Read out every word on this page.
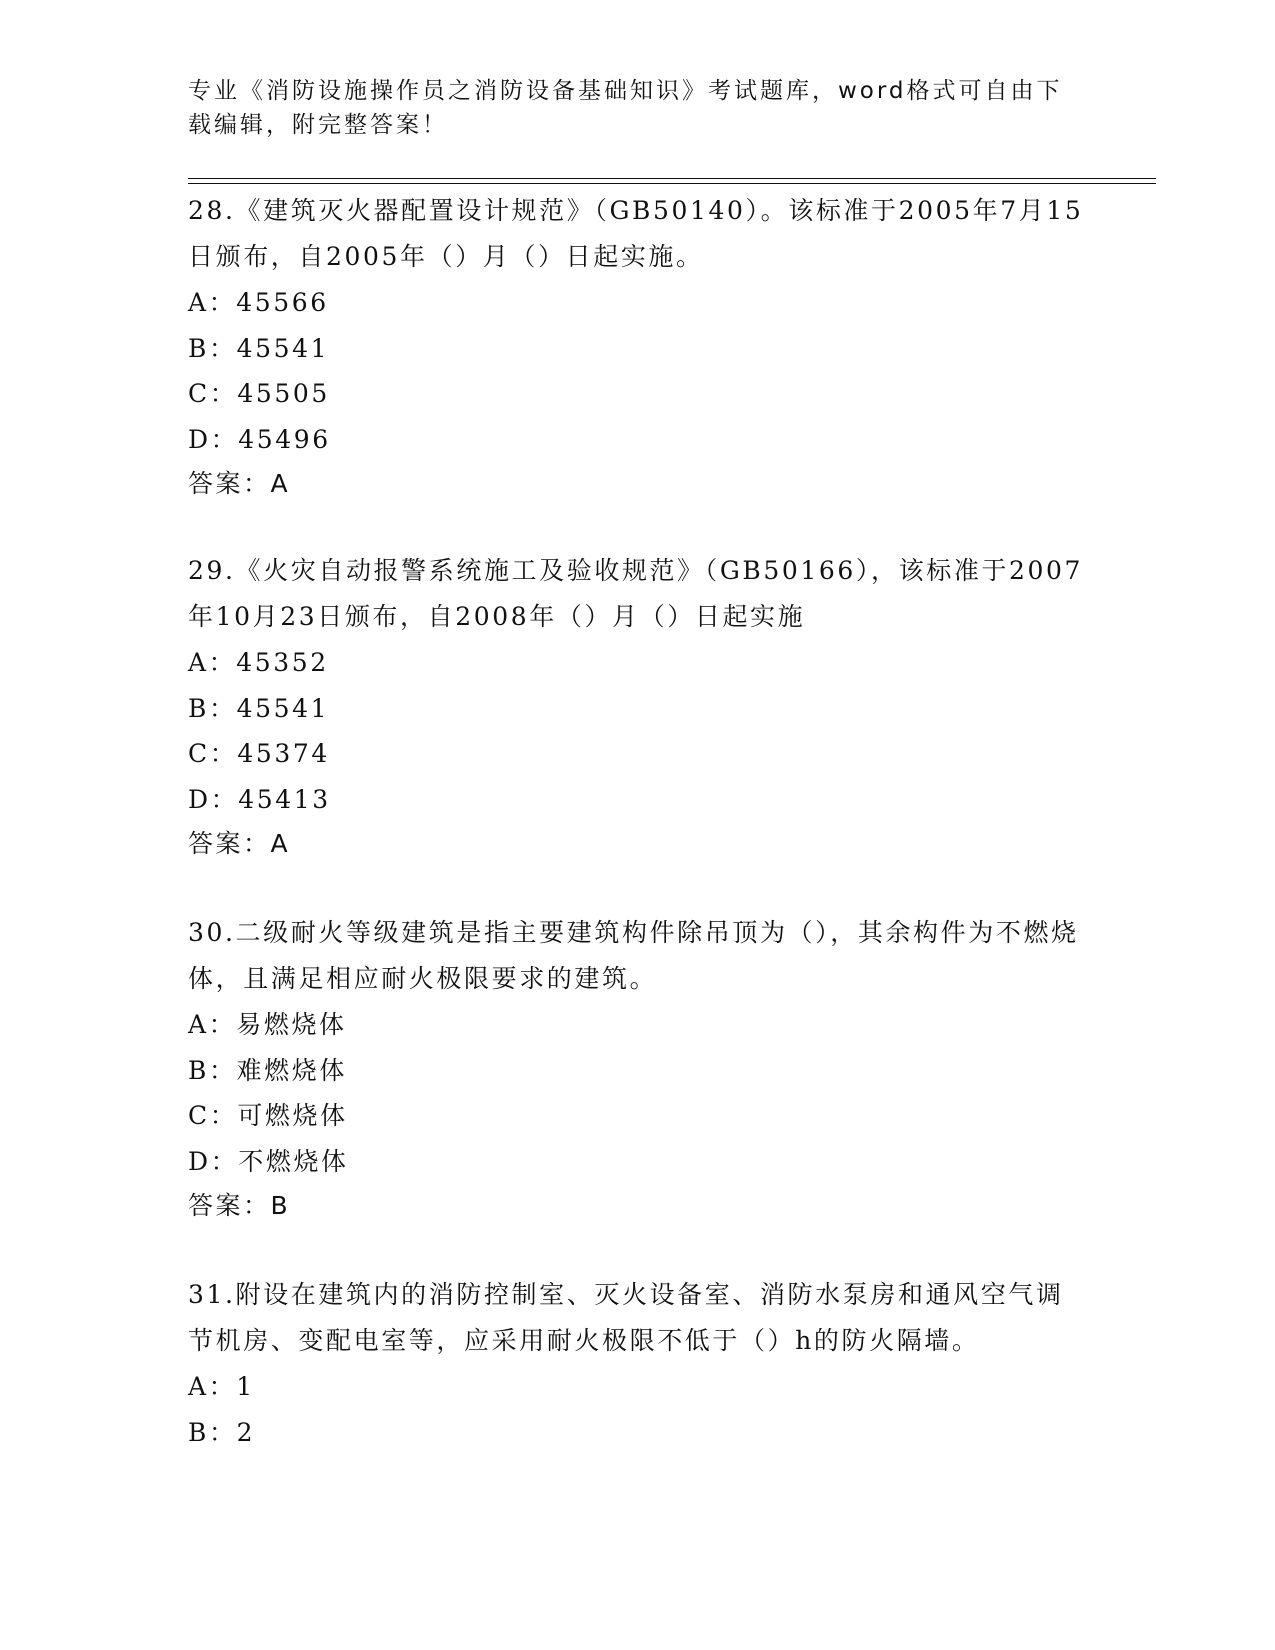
专业《消防设施操作员之消防设备基础知识》考试题库，word格式可自由下载编辑，附完整答案！

28.《建筑灭火器配置设计规范》（GB50140）。该标准于2005年7月15日颁布，自2005年（）月（）日起实施。

A：45566

B：45541

C：45505

D：45496

答案：A

29.《火灾自动报警系统施工及验收规范》（GB50166），该标准于2007年10月23日颁布，自2008年（）月（）日起实施

A：45352

B：45541

C：45374

D：45413

答案：A

30.二级耐火等级建筑是指主要建筑构件除吊顶为（），其余构件为不燃烧体，且满足相应耐火极限要求的建筑。

A：易燃烧体

B：难燃烧体

C：可燃烧体

D：不燃烧体

答案：B

31.附设在建筑内的消防控制室、灭火设备室、消防水泵房和通风空气调节机房、变配电室等，应采用耐火极限不低于（）h的防火隔墙。

A：1

B：2
